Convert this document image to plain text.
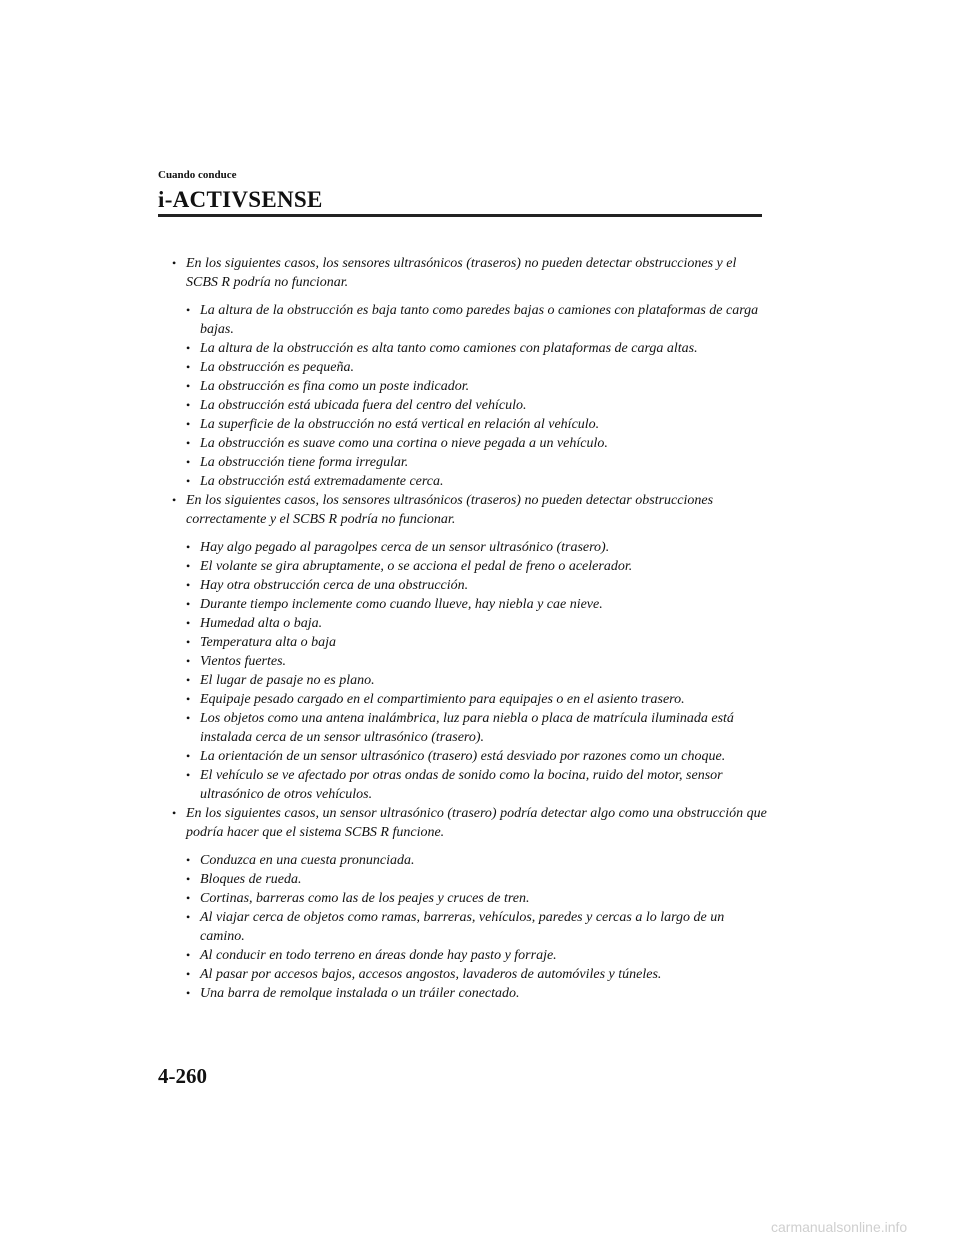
Cuando conduce
i-ACTIVSENSE
• En los siguientes casos, los sensores ultrasónicos (traseros) no pueden detectar obstrucciones y el SCBS R podría no funcionar.
• La altura de la obstrucción es baja tanto como paredes bajas o camiones con plataformas de carga bajas.
• La altura de la obstrucción es alta tanto como camiones con plataformas de carga altas.
• La obstrucción es pequeña.
• La obstrucción es fina como un poste indicador.
• La obstrucción está ubicada fuera del centro del vehículo.
• La superficie de la obstrucción no está vertical en relación al vehículo.
• La obstrucción es suave como una cortina o nieve pegada a un vehículo.
• La obstrucción tiene forma irregular.
• La obstrucción está extremadamente cerca.
• En los siguientes casos, los sensores ultrasónicos (traseros) no pueden detectar obstrucciones correctamente y el SCBS R podría no funcionar.
• Hay algo pegado al paragolpes cerca de un sensor ultrasónico (trasero).
• El volante se gira abruptamente, o se acciona el pedal de freno o acelerador.
• Hay otra obstrucción cerca de una obstrucción.
• Durante tiempo inclemente como cuando llueve, hay niebla y cae nieve.
• Humedad alta o baja.
• Temperatura alta o baja
• Vientos fuertes.
• El lugar de pasaje no es plano.
• Equipaje pesado cargado en el compartimiento para equipajes o en el asiento trasero.
• Los objetos como una antena inalámbrica, luz para niebla o placa de matrícula iluminada está instalada cerca de un sensor ultrasónico (trasero).
• La orientación de un sensor ultrasónico (trasero) está desviado por razones como un choque.
• El vehículo se ve afectado por otras ondas de sonido como la bocina, ruido del motor, sensor ultrasónico de otros vehículos.
• En los siguientes casos, un sensor ultrasónico (trasero) podría detectar algo como una obstrucción que podría hacer que el sistema SCBS R funcione.
• Conduzca en una cuesta pronunciada.
• Bloques de rueda.
• Cortinas, barreras como las de los peajes y cruces de tren.
• Al viajar cerca de objetos como ramas, barreras, vehículos, paredes y cercas a lo largo de un camino.
• Al conducir en todo terreno en áreas donde hay pasto y forraje.
• Al pasar por accesos bajos, accesos angostos, lavaderos de automóviles y túneles.
• Una barra de remolque instalada o un tráiler conectado.
4-260
carmanualsonline.info
